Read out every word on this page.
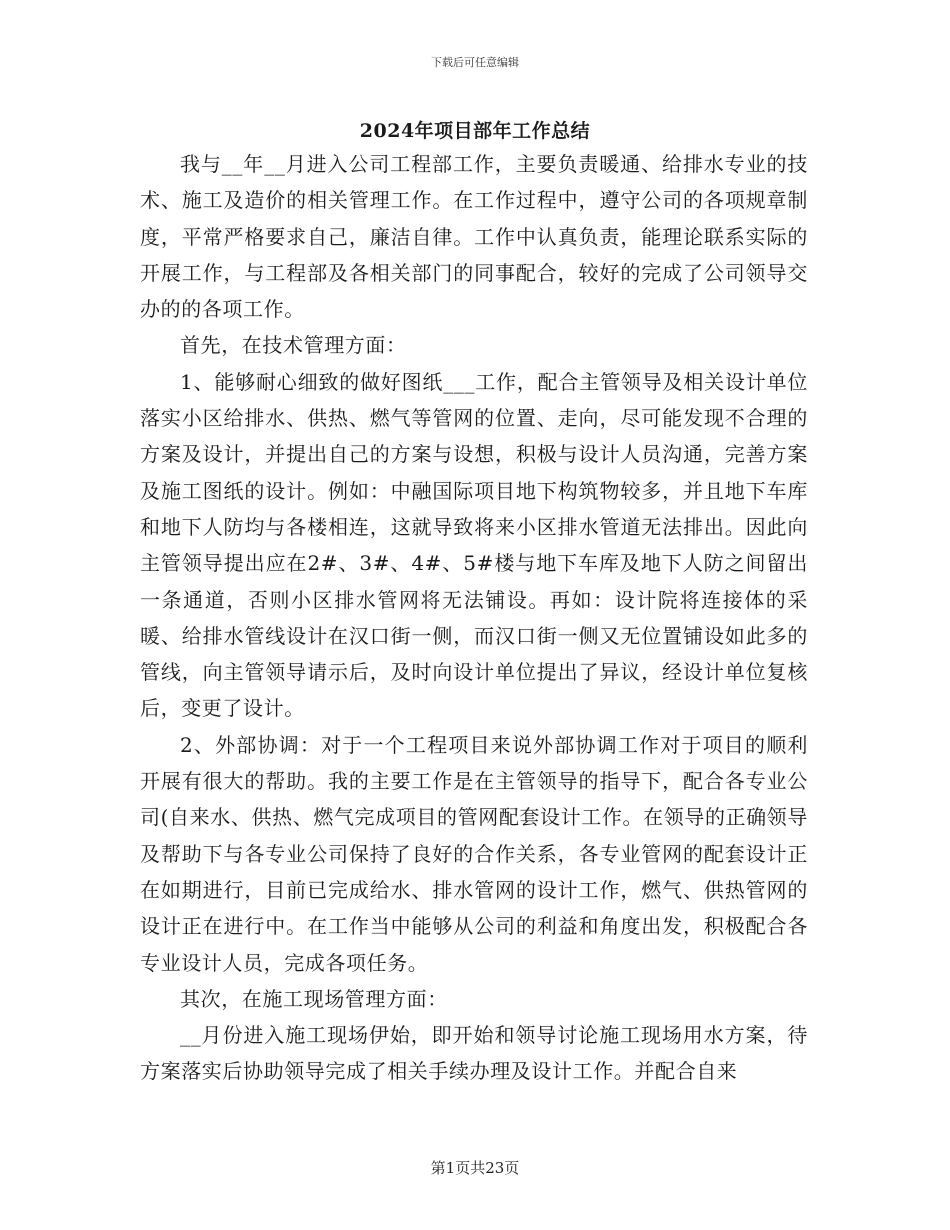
下载后可任意编辑
2024年项目部年工作总结

我与__年__月进入公司工程部工作，主要负责暖通、给排水专业的技术、施工及造价的相关管理工作。在工作过程中，遵守公司的各项规章制度，平常严格要求自己，廉洁自律。工作中认真负责，能理论联系实际的开展工作，与工程部及各相关部门的同事配合，较好的完成了公司领导交办的的各项工作。

首先，在技术管理方面：

1、能够耐心细致的做好图纸___工作，配合主管领导及相关设计单位落实小区给排水、供热、燃气等管网的位置、走向，尽可能发现不合理的方案及设计，并提出自己的方案与设想，积极与设计人员沟通，完善方案及施工图纸的设计。例如：中融国际项目地下构筑物较多，并且地下车库和地下人防均与各楼相连，这就导致将来小区排水管道无法排出。因此向主管领导提出应在2#、3#、4#、5#楼与地下车库及地下人防之间留出一条通道，否则小区排水管网将无法铺设。再如：设计院将连接体的采暖、给排水管线设计在汉口街一侧，而汉口街一侧又无位置铺设如此多的管线，向主管领导请示后，及时向设计单位提出了异议，经设计单位复核后，变更了设计。

2、外部协调：对于一个工程项目来说外部协调工作对于项目的顺利开展有很大的帮助。我的主要工作是在主管领导的指导下，配合各专业公司(自来水、供热、燃气完成项目的管网配套设计工作。在领导的正确领导及帮助下与各专业公司保持了良好的合作关系，各专业管网的配套设计正在如期进行，目前已完成给水、排水管网的设计工作，燃气、供热管网的设计正在进行中。在工作当中能够从公司的利益和角度出发，积极配合各专业设计人员，完成各项任务。

其次，在施工现场管理方面：

__月份进入施工现场伊始，即开始和领导讨论施工现场用水方案，待方案落实后协助领导完成了相关手续办理及设计工作。并配合自来

第1页共23页
